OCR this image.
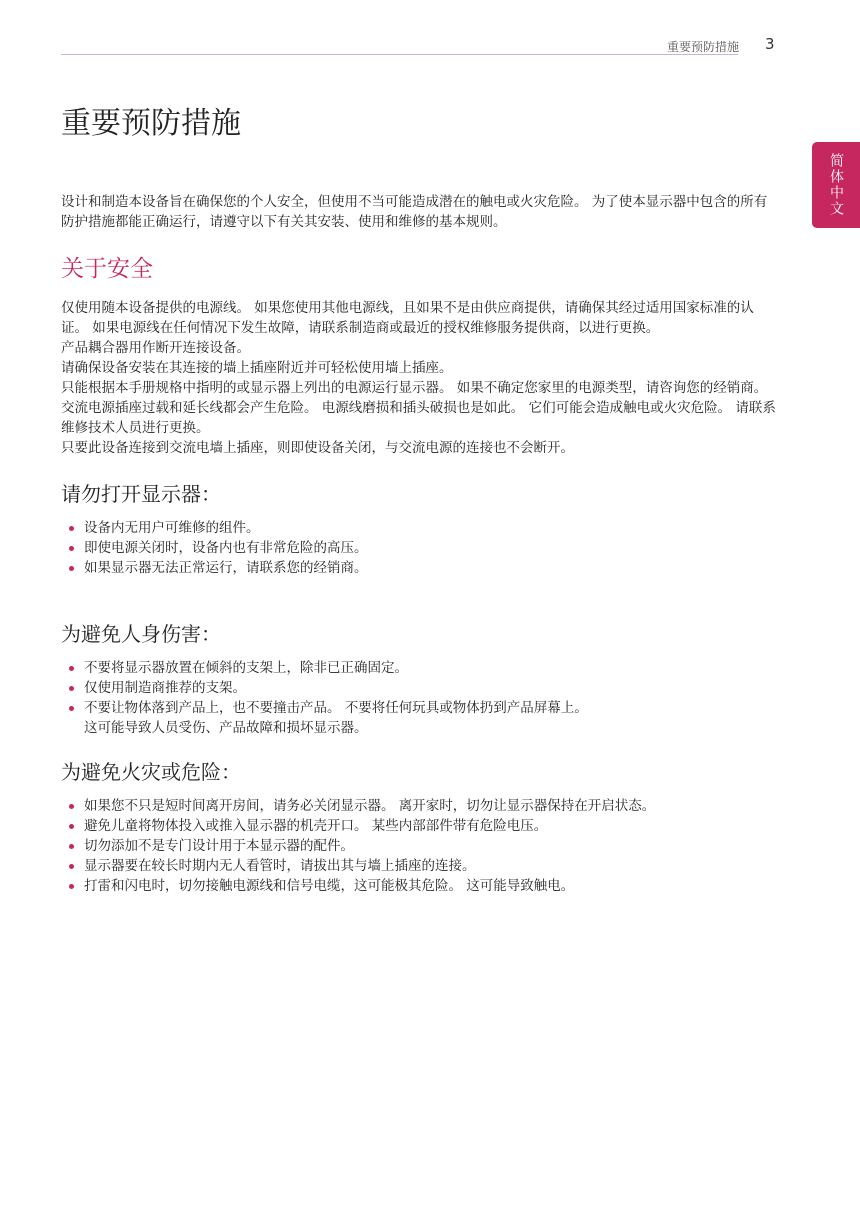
重要预防措施 3
简体中文
重要预防措施

设计和制造本设备旨在确保您的个人安全，但使用不当可能造成潜在的触电或火灾危险。 为了使本显示器中包含的所有防护措施都能正确运行，请遵守以下有关其安装、使用和维修的基本规则。

关于安全

仅使用随本设备提供的电源线。 如果您使用其他电源线，且如果不是由供应商提供，请确保其经过适用国家标准的认证。 如果电源线在任何情况下发生故障，请联系制造商或最近的授权维修服务提供商，以进行更换。

产品耦合器用作断开连接设备。

请确保设备安装在其连接的墙上插座附近并可轻松使用墙上插座。

只能根据本手册规格中指明的或显示器上列出的电源运行显示器。 如果不确定您家里的电源类型，请咨询您的经销商。

交流电源插座过载和延长线都会产生危险。 电源线磨损和插头破损也是如此。 它们可能会造成触电或火灾危险。 请联系维修技术人员进行更换。

只要此设备连接到交流电墙上插座，则即使设备关闭，与交流电源的连接也不会断开。

请勿打开显示器：
设备内无用户可维修的组件。
即使电源关闭时，设备内也有非常危险的高压。
如果显示器无法正常运行，请联系您的经销商。
为避免人身伤害：
不要将显示器放置在倾斜的支架上，除非已正确固定。
仅使用制造商推荐的支架。
不要让物体落到产品上，也不要撞击产品。 不要将任何玩具或物体扔到产品屏幕上。
这可能导致人员受伤、产品故障和损坏显示器。
为避免火灾或危险：
如果您不只是短时间离开房间，请务必关闭显示器。 离开家时，切勿让显示器保持在开启状态。
避免儿童将物体投入或推入显示器的机壳开口。 某些内部部件带有危险电压。
切勿添加不是专门设计用于本显示器的配件。
显示器要在较长时期内无人看管时，请拔出其与墙上插座的连接。
打雷和闪电时，切勿接触电源线和信号电缆，这可能极其危险。 这可能导致触电。
